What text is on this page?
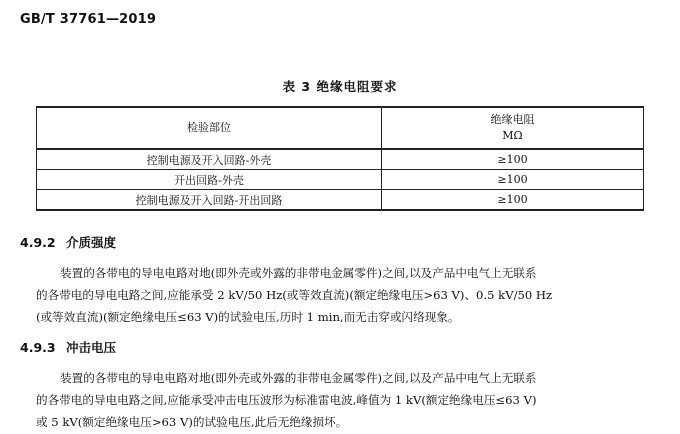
GB/T 37761—2019
表 3 绝缘电阻要求
检验部位	绝缘电阻
MΩ
控制电源及开入回路-外壳	≥100
开出回路-外壳	≥100
控制电源及开入回路-开出回路	≥100
4.9.2 介质强度
装置的各带电的导电电路对地(即外壳或外露的非带电金属零件)之间,以及产品中电气上无联系
的各带电的导电电路之间,应能承受 2 kV/50 Hz(或等效直流)(额定绝缘电压>63 V)、0.5 kV/50 Hz
(或等效直流)(额定绝缘电压≤63 V)的试验电压,历时 1 min,而无击穿或闪络现象。
4.9.3 冲击电压
装置的各带电的导电电路对地(即外壳或外露的非带电金属零件)之间,以及产品中电气上无联系
的各带电的导电电路之间,应能承受冲击电压波形为标准雷电波,峰值为 1 kV(额定绝缘电压≤63 V)
或 5 kV(额定绝缘电压>63 V)的试验电压,此后无绝缘损坏。
